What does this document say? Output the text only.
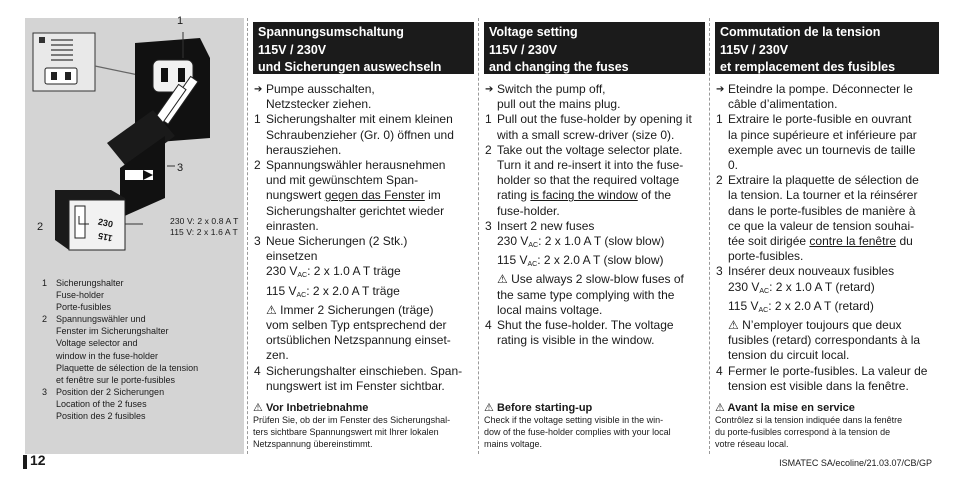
1
3
2	230
115
230 V: 2 x 0.8 A T
115 V: 2 x 1.6 A T
1 Sicherungshalter
Fuse-holder
Porte-fusibles
2 Spannungswähler und
Fenster im Sicherungshalter
Voltage selector and
window in the fuse-holder
Plaquette de sélection de la tension
et fenêtre sur le porte-fusibles
3 Position der 2 Sicherungen
Location of the 2 fuses
Position des 2 fusibles
Spannungsumschaltung
115V / 230V
und Sicherungen auswechseln
➔ Pumpe ausschalten,
Netzstecker ziehen.
1 Sicherungshalter mit einem kleinen
Schraubenzieher (Gr. 0) öffnen und
herausziehen.
2 Spannungswähler herausnehmen
und mit gewünschtem Span-
nungswert gegen das Fenster im
Sicherungshalter gerichtet wieder
einrasten.
3 Neue Sicherungen (2 Stk.)
einsetzen
230 $V_{AC}$: 2 x 1.0 A T träge
115 $V_{AC}$: 2 x 2.0 A T träge
⚠ Immer 2 Sicherungen (träge)
vom selben Typ entsprechend der
ortsüblichen Netzspannung einset-
zen.
4 Sicherungshalter einschieben. Span-
nungswert ist im Fenster sichtbar.
⚠ Vor Inbetriebnahme
Prüfen Sie, ob der im Fenster des Sicherungshal-
ters sichtbare Spannungswert mit Ihrer lokalen
Netzspannung übereinstimmt.
Voltage setting
115V / 230V
and changing the fuses
➔ Switch the pump off,
pull out the mains plug.
1 Pull out the fuse-holder by opening it
with a small screw-driver (size 0).
2 Take out the voltage selector plate.
Turn it and re-insert it into the fuse-
holder so that the required voltage
rating is facing the window of the
fuse-holder.
3 Insert 2 new fuses
230 $V_{AC}$: 2 x 1.0 A T (slow blow)
115 $V_{AC}$: 2 x 2.0 A T (slow blow)
⚠ Use always 2 slow-blow fuses of
the same type complying with the
local mains voltage.
4 Shut the fuse-holder. The voltage
rating is visible in the window.
⚠ Before starting-up
Check if the voltage setting visible in the win-
dow of the fuse-holder complies with your local
mains voltage.
Commutation de la tension
115V / 230V
et remplacement des fusibles
➔ Eteindre la pompe. Déconnecter le
câble d’alimentation.
1 Extraire le porte-fusible en ouvrant
la pince supérieure et inférieure par
exemple avec un tournevis de taille
0.
2 Extraire la plaquette de sélection de
la tension. La tourner et la réinsérer
dans le porte-fusibles de manière à
ce que la valeur de tension souhai-
tée soit dirigée contre la fenêtre du
porte-fusibles.
3 Insérer deux nouveaux fusibles
230 $V_{AC}$: 2 x 1.0 A T (retard)
115 $V_{AC}$: 2 x 2.0 A T (retard)
⚠ N’employer toujours que deux
fusibles (retard) correspondants à la
tension du circuit local.
4 Fermer le porte-fusibles. La valeur de
tension est visible dans la fenêtre.
⚠ Avant la mise en service
Contrôlez si la tension indiquée dans la fenêtre
du porte-fusibles correspond à la tension de
votre réseau local.
12	ISMATEC SA/ecoline/21.03.07/CB/GP
